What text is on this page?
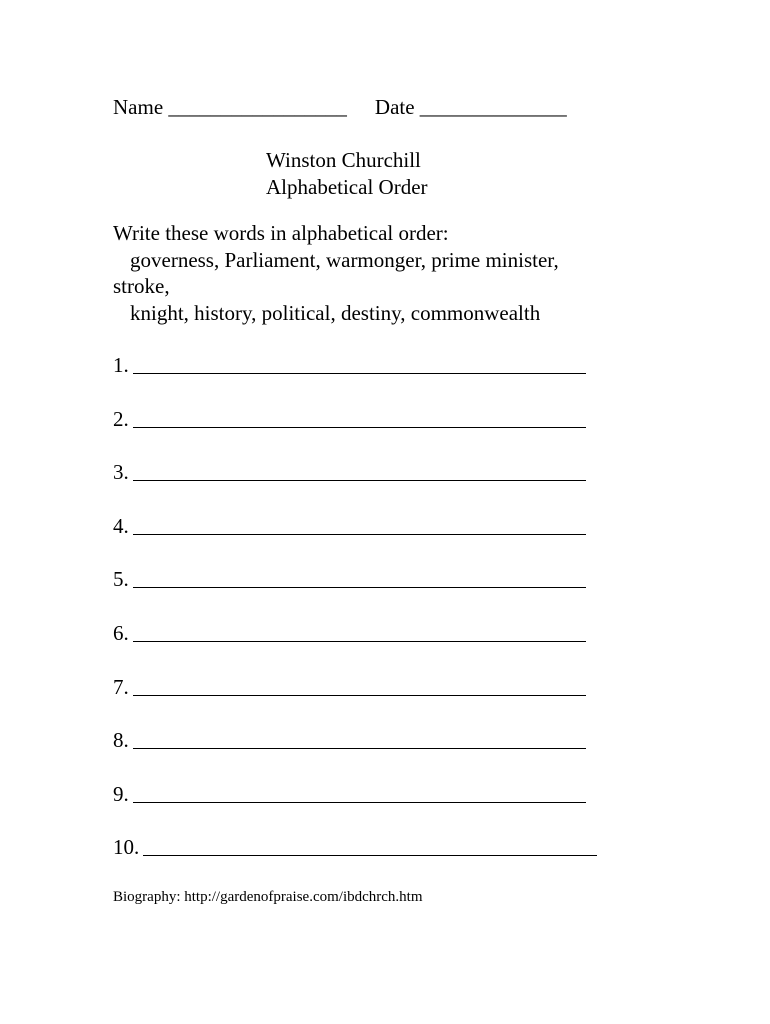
Name _________________ Date ______________
Winston Churchill
Alphabetical Order
Write these words in alphabetical order:
governess, Parliament, warmonger, prime minister,
stroke,
knight, history, political, destiny, commonwealth
1.
2.
3.
4.
5.
6.
7.
8.
9.
10.
Biography: http://gardenofpraise.com/ibdchrch.htm
